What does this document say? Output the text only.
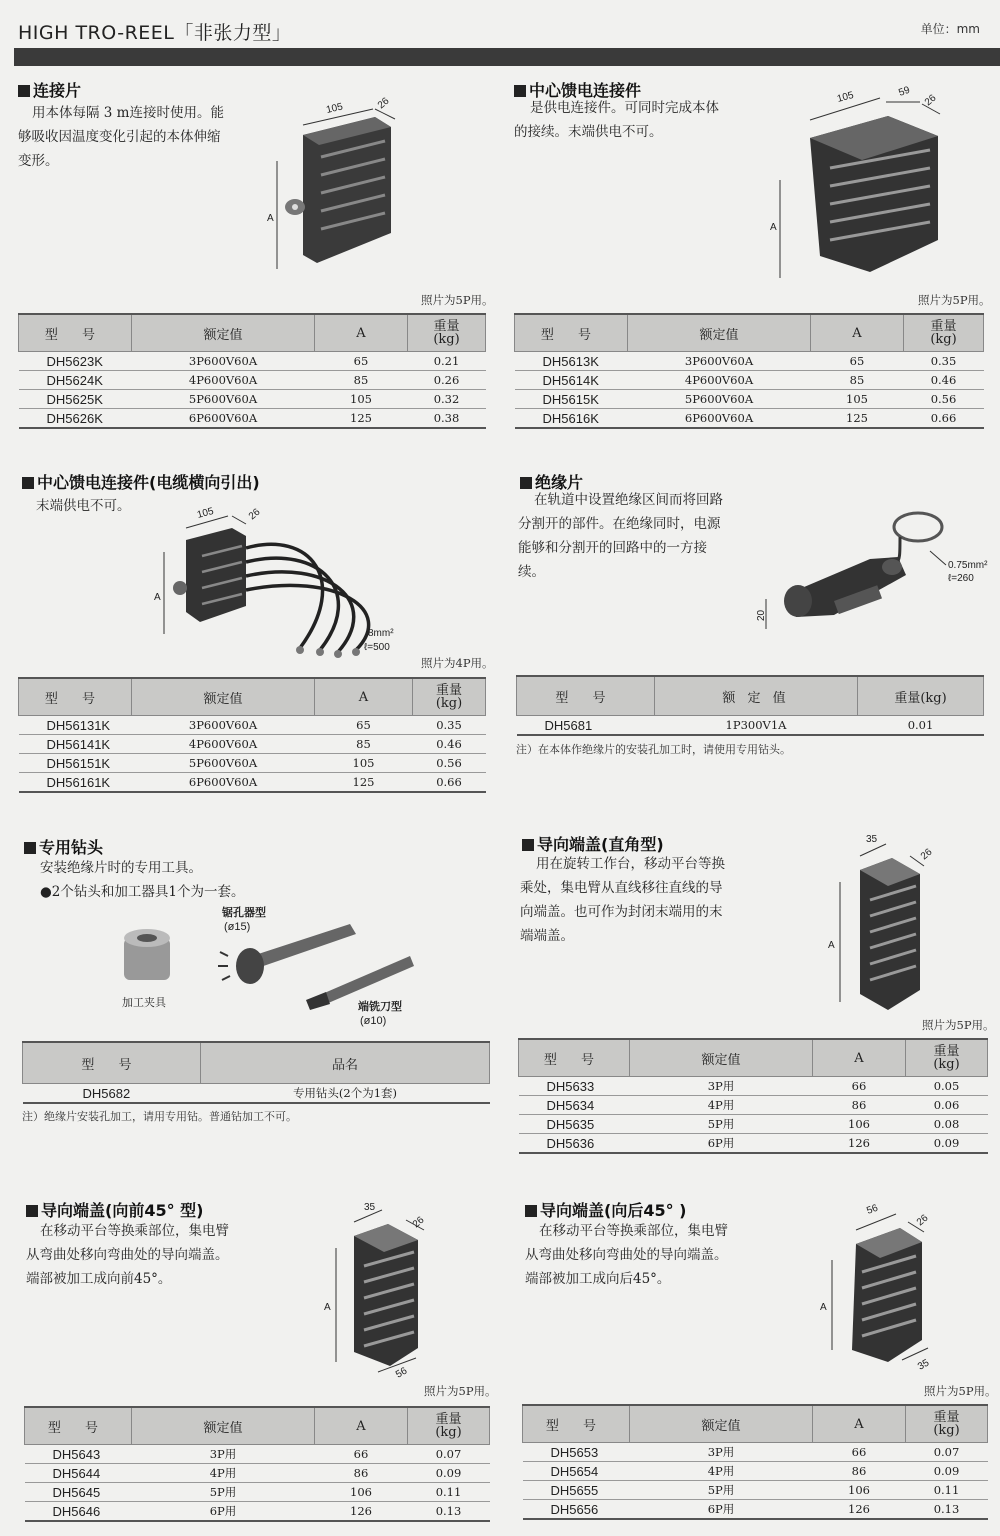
HIGH TRO-REEL「非张力型」	单位：mm
连接片
用本体每隔 3 m连接时使用。能
够吸收因温度变化引起的本体伸缩
变形。
105	26
A
照片为5P用。
中心馈电连接件
是供电连接件。可同时完成本体
的接续。末端供电不可。
105	59
26
A
照片为5P用。
型 号	额定值	A	重量
(kg)
DH5623K	3P600V60A	65	0.21
DH5624K	4P600V60A	85	0.26
DH5625K	5P600V60A	105	0.32
DH5626K	6P600V60A	125	0.38
型 号	额定值	A	重量
(kg)
DH5613K	3P600V60A	65	0.35
DH5614K	4P600V60A	85	0.46
DH5615K	5P600V60A	105	0.56
DH5616K	6P600V60A	125	0.66
中心馈电连接件(电缆横向引出)
末端供电不可。	105	26
A
8mm²
ℓ=500
照片为4P用。
绝缘片
在轨道中设置绝缘区间而将回路
分割开的部件。在绝缘同时，电源
能够和分割开的回路中的一方接
续。
20
0.75mm²
ℓ=260
型 号	额定值	A	重量
(kg)
DH56131K	3P600V60A	65	0.35
DH56141K	4P600V60A	85	0.46
DH56151K	5P600V60A	105	0.56
DH56161K	6P600V60A	125	0.66
型 号	额 定 值	重量(kg)
DH5681	1P300V1A	0.01
注）在本体作绝缘片的安装孔加工时，请使用专用钻头。
专用钻头
安装绝缘片时的专用工具。
●2个钻头和加工器具1个为一套。
加工夹具
锯孔器型
(ø15)
端铣刀型
(ø10)
型 号	品名
DH5682	专用钻头(2个为1套)
注）绝缘片安装孔加工，请用专用钻。普通钻加工不可。
导向端盖(直角型)
用在旋转工作台，移动平台等换
乘处，集电臂从直线移往直线的导
向端盖。也可作为封闭末端用的末
端端盖。
35
26
A
照片为5P用。
型 号	额定值	A	重量
(kg)
DH5633	3P用	66	0.05
DH5634	4P用	86	0.06
DH5635	5P用	106	0.08
DH5636	6P用	126	0.09
导向端盖(向前45° 型)
在移动平台等换乘部位，集电臂
从弯曲处移向弯曲处的导向端盖。
端部被加工成向前45°。
35
26
A
56
照片为5P用。
导向端盖(向后45° )
在移动平台等换乘部位，集电臂
从弯曲处移向弯曲处的导向端盖。
端部被加工成向后45°。
56
26
A
35
照片为5P用。
型 号	额定值	A	重量
(kg)
DH5643	3P用	66	0.07
DH5644	4P用	86	0.09
DH5645	5P用	106	0.11
DH5646	6P用	126	0.13
型 号	额定值	A	重量
(kg)
DH5653	3P用	66	0.07
DH5654	4P用	86	0.09
DH5655	5P用	106	0.11
DH5656	6P用	126	0.13
